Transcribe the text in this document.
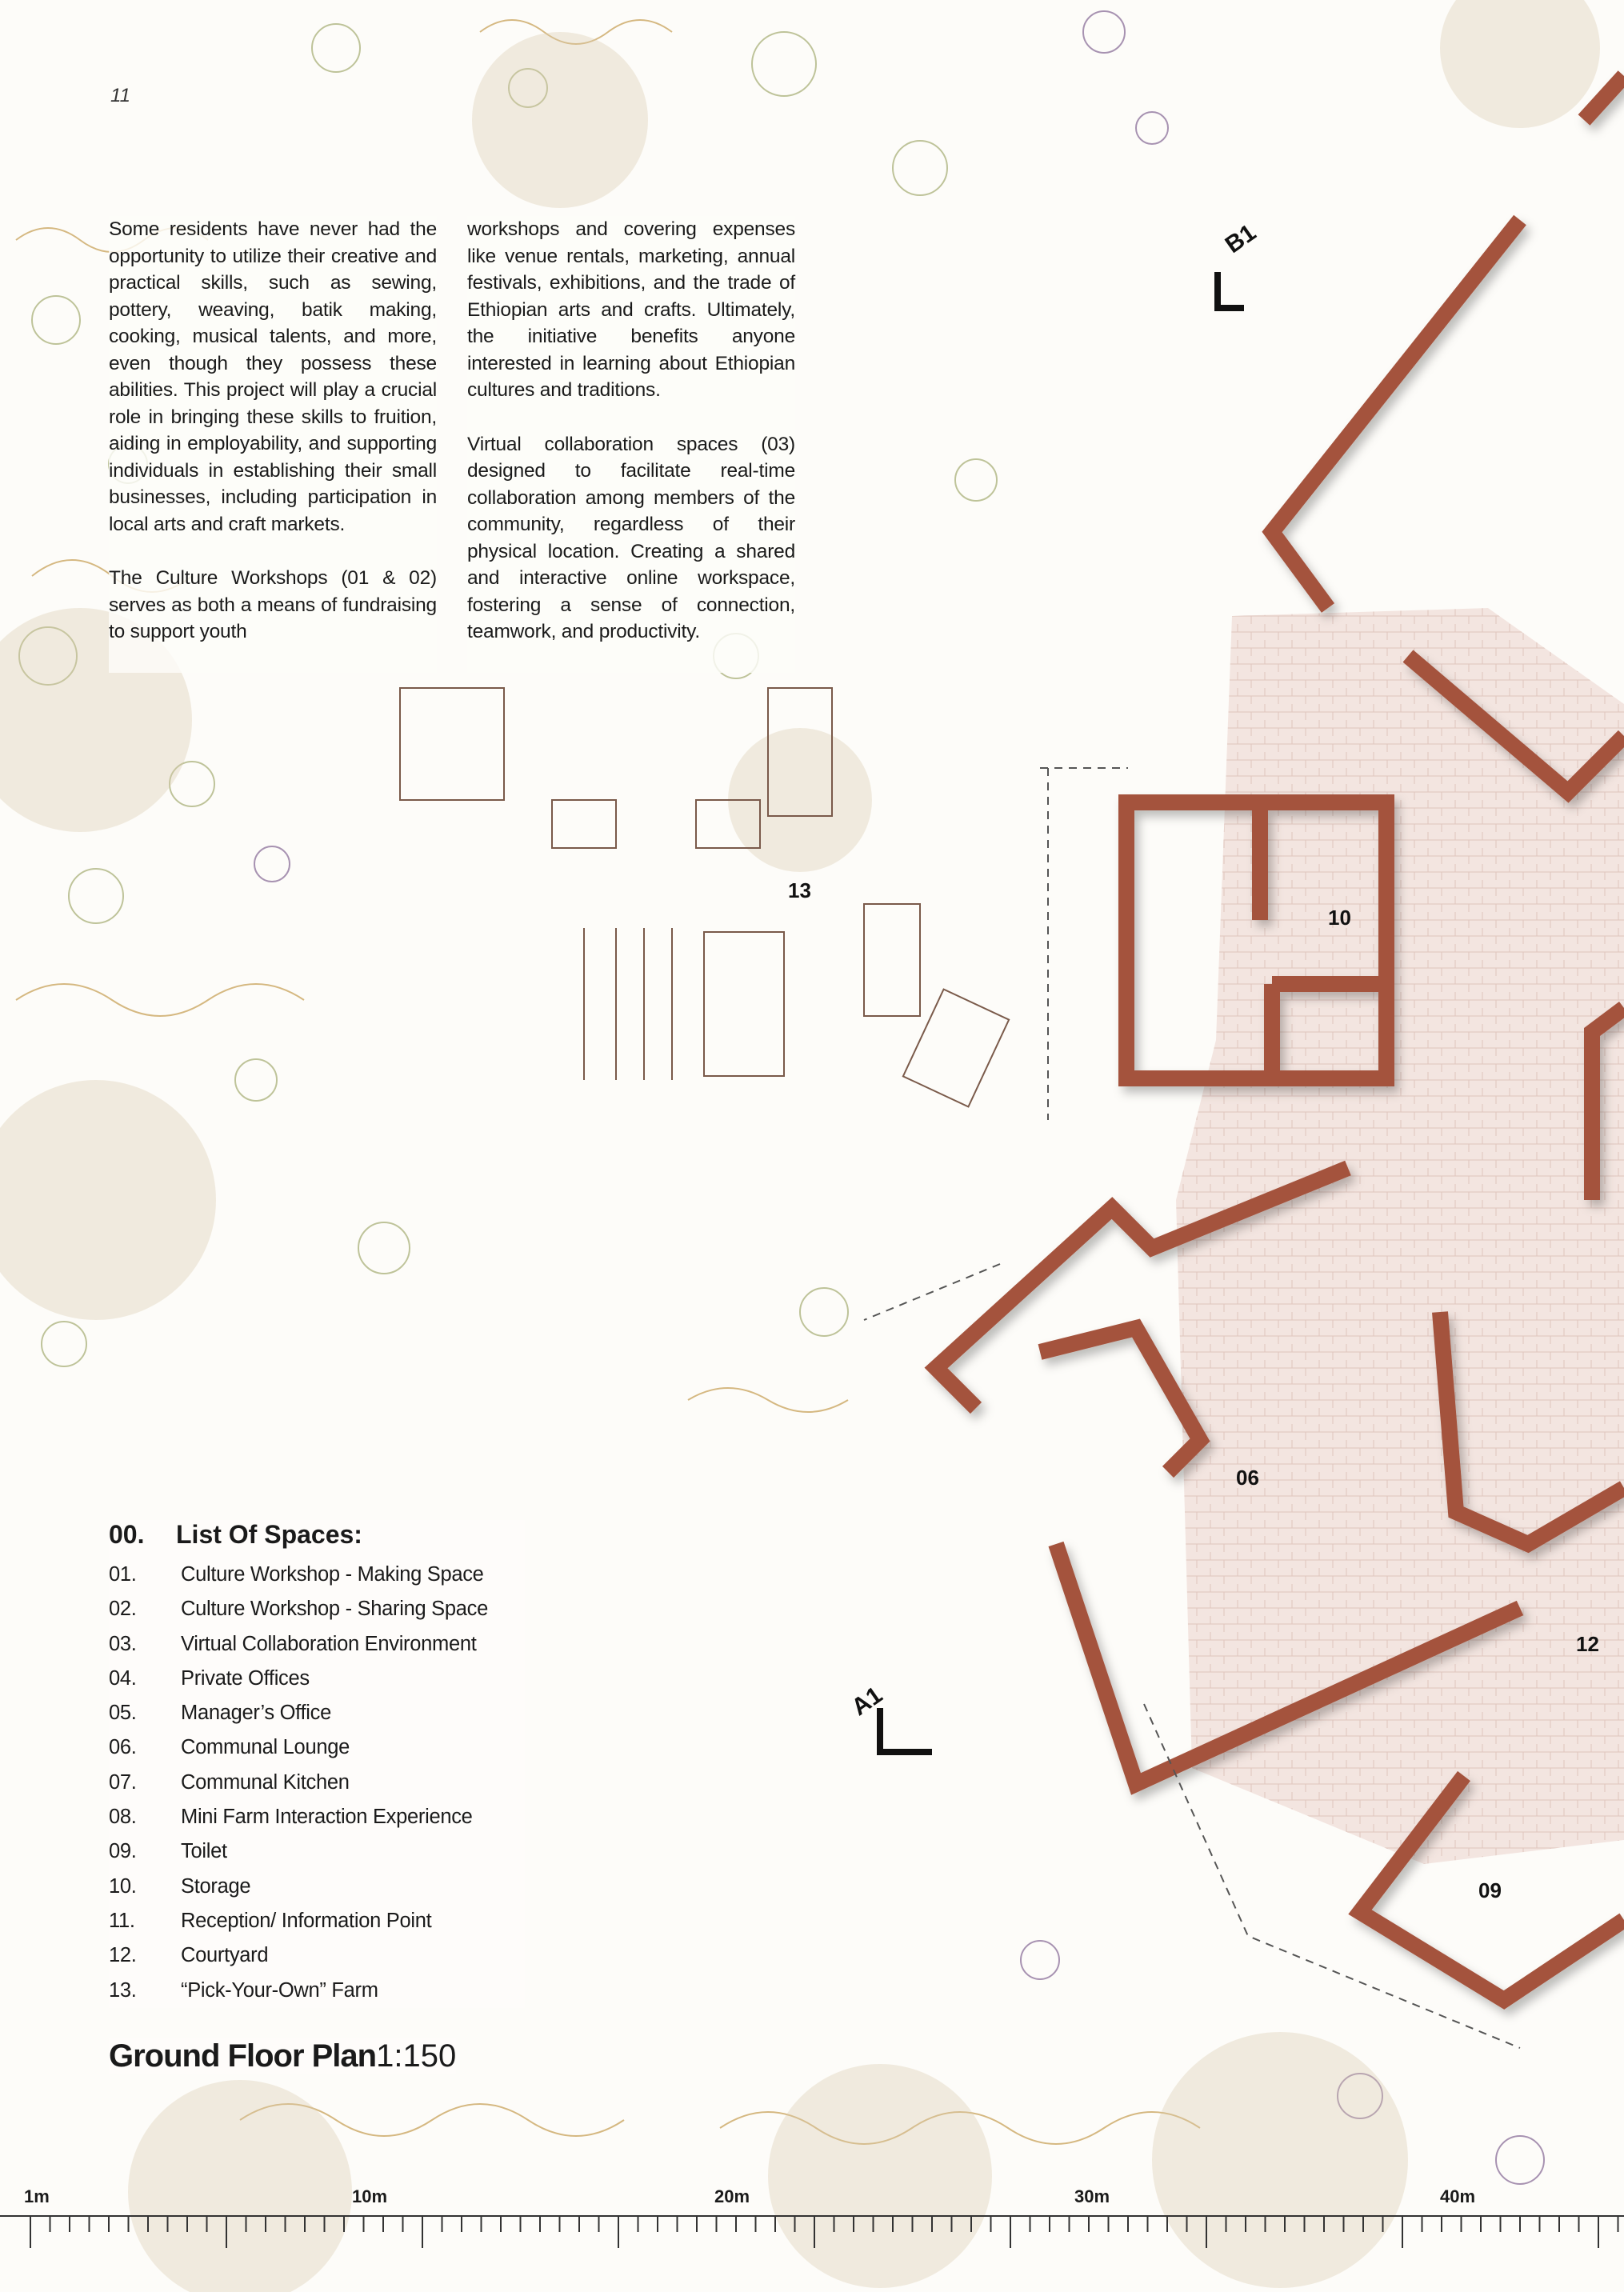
11

Some residents have never had the opportunity to utilize their creative and practical skills, such as sewing, pottery, weaving, batik making, cooking, musical talents, and more, even though they possess these abilities. This project will play a crucial role in bringing these skills to fruition, aiding in employability, and supporting individuals in establishing their small businesses, including participation in local arts and craft markets.

The Culture Workshops (01 & 02) serves as both a means of fundraising to support youth

workshops and covering expenses like venue rentals, marketing, annual festivals, exhibitions, and the trade of Ethiopian arts and crafts. Ultimately, the initiative benefits anyone interested in learning about Ethiopian cultures and traditions.

Virtual collaboration spaces (03) designed to facilitate real-time collaboration among members of the community, regardless of their physical location. Creating a shared and interactive online workspace, fostering a sense of connection, teamwork, and productivity.

B1
A1
13
10
06
12
09
00.	List Of Spaces:
01.	Culture Workshop - Making Space
02.	Culture Workshop - Sharing Space
03.	Virtual Collaboration Environment
04.	Private Offices
05.	Manager’s Office
06.	Communal Lounge
07.	Communal Kitchen
08.	Mini Farm Interaction Experience
09.	Toilet
10.	Storage
11.	Reception/ Information Point
12.	Courtyard
13.	“Pick-Your-Own” Farm
Ground Floor Plan1:150
1m	10m	20m	30m	40m
